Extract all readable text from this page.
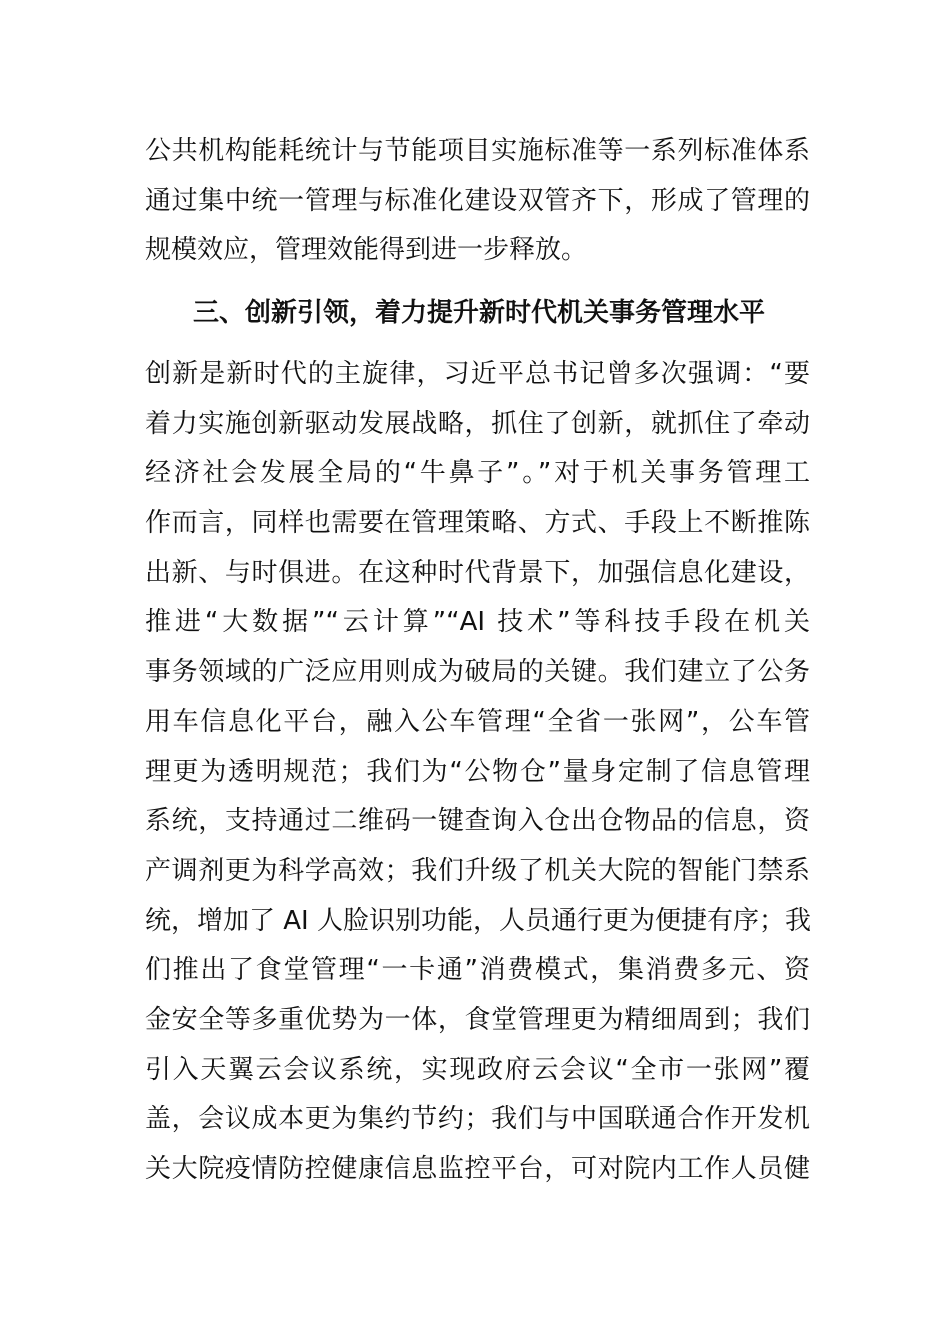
公共机构能耗统计与节能项目实施标准等一系列标准体系
通过集中统一管理与标准化建设双管齐下，形成了管理的
规模效应，管理效能得到进一步释放。
三、创新引领，着力提升新时代机关事务管理水平
创新是新时代的主旋律，习近平总书记曾多次强调：“要
着力实施创新驱动发展战略，抓住了创新，就抓住了牵动
经济社会发展全局的“牛鼻子”。”对于机关事务管理工
作而言，同样也需要在管理策略、方式、手段上不断推陈
出新、与时俱进。在这种时代背景下，加强信息化建设，
推进“大数据”“云计算”“AI 技术”等科技手段在机关
事务领域的广泛应用则成为破局的关键。我们建立了公务
用车信息化平台，融入公车管理“全省一张网”，公车管
理更为透明规范；我们为“公物仓”量身定制了信息管理
系统，支持通过二维码一键查询入仓出仓物品的信息，资
产调剂更为科学高效；我们升级了机关大院的智能门禁系
统，增加了 AI 人脸识别功能，人员通行更为便捷有序；我
们推出了食堂管理“一卡通”消费模式，集消费多元、资
金安全等多重优势为一体，食堂管理更为精细周到；我们
引入天翼云会议系统，实现政府云会议“全市一张网”覆
盖，会议成本更为集约节约；我们与中国联通合作开发机
关大院疫情防控健康信息监控平台，可对院内工作人员健
